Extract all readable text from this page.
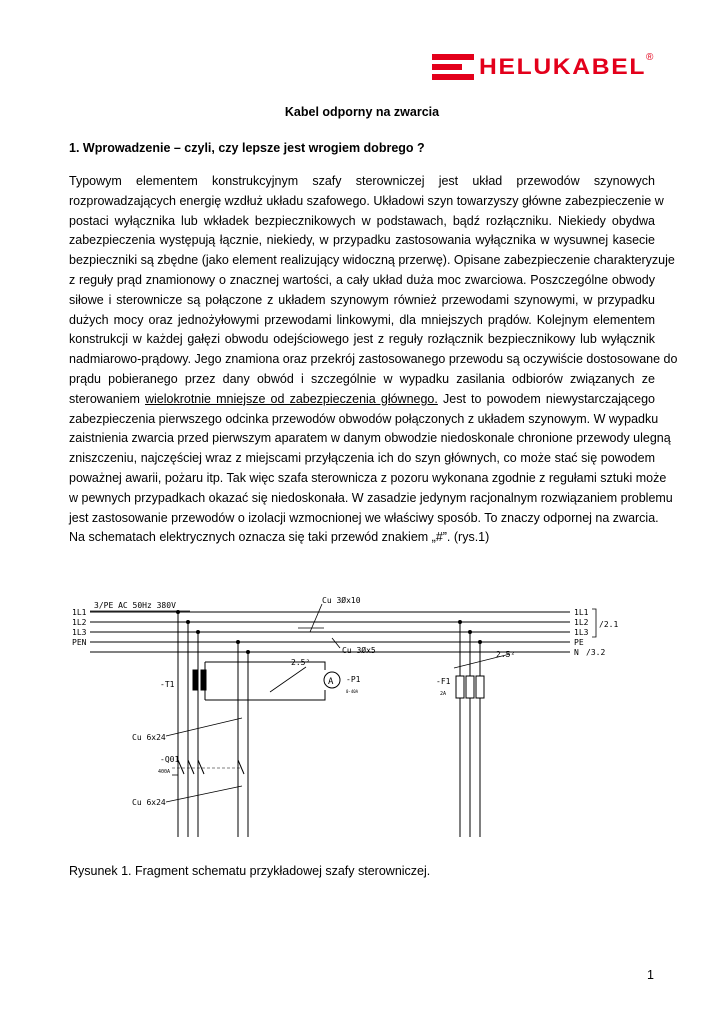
HELUKABEL ®
Kabel odporny na zwarcia
1. Wprowadzenie – czyli, czy lepsze jest wrogiem dobrego ?
Typowym elementem konstrukcyjnym szafy sterowniczej jest układ przewodów szynowych
rozprowadzających energię wzdłuż układu szafowego. Układowi szyn towarzyszy główne zabezpieczenie w
postaci wyłącznika lub wkładek bezpiecznikowych w podstawach, bądź rozłączniku. Niekiedy obydwa
zabezpieczenia występują łącznie, niekiedy, w przypadku zastosowania wyłącznika w wysuwnej kasecie
bezpieczniki są zbędne (jako element realizujący widoczną przerwę). Opisane zabezpieczenie charakteryzuje
z reguły prąd znamionowy o znacznej wartości, a cały układ duża moc zwarciowa. Poszczególne obwody
siłowe i sterownicze są połączone z układem szynowym również przewodami szynowymi, w przypadku
dużych mocy oraz jednożyłowymi przewodami linkowymi, dla mniejszych prądów. Kolejnym elementem
konstrukcji w każdej gałęzi obwodu odejściowego jest z reguły rozłącznik bezpiecznikowy lub wyłącznik
nadmiarowo-prądowy. Jego znamiona oraz przekrój zastosowanego przewodu są oczywiście dostosowane do
prądu pobieranego przez dany obwód i szczególnie w wypadku zasilania odbiorów związanych ze
sterowaniem wielokrotnie mniejsze od zabezpieczenia głównego. Jest to powodem niewystarczającego
zabezpieczenia pierwszego odcinka przewodów obwodów połączonych z układem szynowym. W wypadku
zaistnienia zwarcia przed pierwszym aparatem w danym obwodzie niedoskonale chronione przewody ulegną
zniszczeniu, najczęściej wraz z miejscami przyłączenia ich do szyn głównych, co może stać się powodem
poważnej awarii, pożaru itp. Tak więc szafa sterownicza z pozoru wykonana zgodnie z regułami sztuki może
w pewnych przypadkach okazać się niedoskonała. W zasadzie jedynym racjonalnym rozwiązaniem problemu
jest zastosowanie przewodów o izolacji wzmocnionej we właściwy sposób. To znaczy odpornej na zwarcia.
Na schematach elektrycznych oznacza się taki przewód znakiem „#”. (rys.1)
3/PE AC 50Hz 380V
1L1
1L2
1L3
PEN
1L1
1L2
1L3
PE
N
/2.1
/3.2
Cu 3Øx10
Cu 3Øx5
-T1
2.5²
A -P1
0-40A
-F1
2A
2.5²
Cu 6x24
-Q01
400A
Cu 6x24
Rysunek 1. Fragment schematu przykładowej szafy sterowniczej.
1
